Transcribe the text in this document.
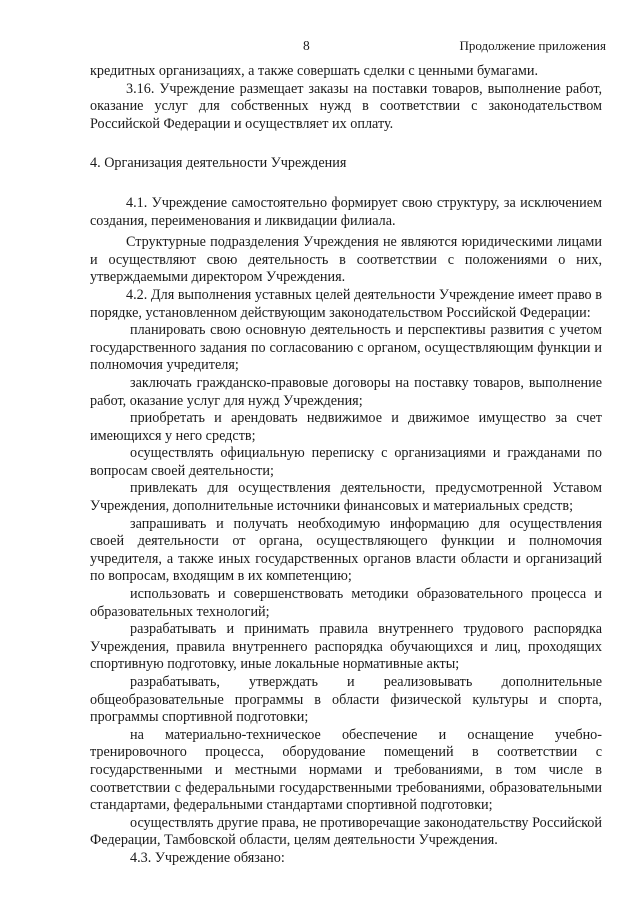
8	Продолжение приложения

кредитных организациях, а также совершать сделки с ценными бумагами.

3.16. Учреждение размещает заказы на поставки товаров, выполнение работ, оказание услуг для собственных нужд в соответствии с законодательством Российской Федерации и осуществляет их оплату.

4. Организация деятельности Учреждения

4.1. Учреждение самостоятельно формирует свою структуру, за исключением создания, переименования и ликвидации филиала.

Структурные подразделения Учреждения не являются юридическими лицами и осуществляют свою деятельность в соответствии с положениями о них, утверждаемыми директором Учреждения.

4.2. Для выполнения уставных целей деятельности Учреждение имеет право в порядке, установленном действующим законодательством Российской Федерации:

планировать свою основную деятельность и перспективы развития с учетом государственного задания по согласованию с органом, осуществляющим функции и полномочия учредителя;

заключать гражданско-правовые договоры на поставку товаров, выполнение работ, оказание услуг для нужд Учреждения;

приобретать и арендовать недвижимое и движимое имущество за счет имеющихся у него средств;

осуществлять официальную переписку с организациями и гражданами по вопросам своей деятельности;

привлекать для осуществления деятельности, предусмотренной Уставом Учреждения, дополнительные источники финансовых и материальных средств;

запрашивать и получать необходимую информацию для осуществления своей деятельности от органа, осуществляющего функции и полномочия учредителя, а также иных государственных органов власти области и организаций по вопросам, входящим в их компетенцию;

использовать и совершенствовать методики образовательного процесса и образовательных технологий;

разрабатывать и принимать правила внутреннего трудового распорядка Учреждения, правила внутреннего распорядка обучающихся и лиц, проходящих спортивную подготовку, иные локальные нормативные акты;

разрабатывать, утверждать и реализовывать дополнительные общеобразовательные программы в области физической культуры и спорта, программы спортивной подготовки;

на материально-техническое обеспечение и оснащение учебно-тренировочного процесса, оборудование помещений в соответствии с государственными и местными нормами и требованиями, в том числе в соответствии с федеральными государственными требованиями, образовательными стандартами, федеральными стандартами спортивной подготовки;

осуществлять другие права, не противоречащие законодательству Российской Федерации, Тамбовской области, целям деятельности Учреждения.

4.3. Учреждение обязано:
